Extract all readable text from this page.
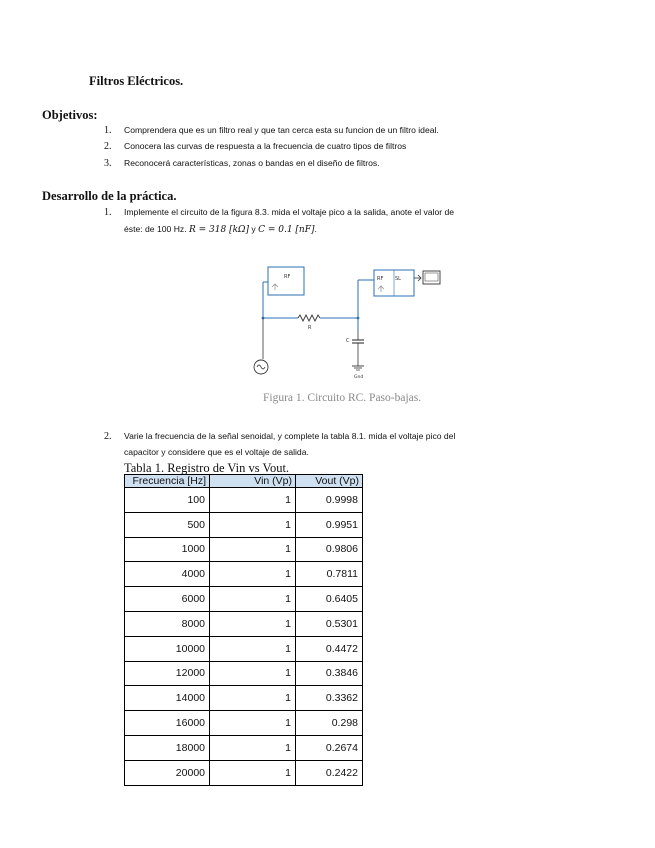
Filtros Eléctricos.
Objetivos:
1. Comprendera que es un filtro real y que tan cerca esta su funcion de un filtro ideal.
2. Conocera las curvas de respuesta a la frecuencia de cuatro tipos de filtros
3. Reconocerá características, zonas o bandas en el diseño de filtros.
Desarrollo de la práctica.
1. Implemente el circuito de la figura 8.3. mida el voltaje pico a la salida, anote el valor de
éste: de 100 Hz. R = 318 [kΩ] y C = 0.1 [nF].
RF
R
RF SL
C
Gnd
Figura 1. Circuito RC. Paso-bajas.
2. Varie la frecuencia de la señal senoidal, y complete la tabla 8.1. mida el voltaje pico del
capacitor y considere que es el voltaje de salida.
Tabla 1. Registro de Vin vs Vout.
Frecuencia [Hz]	Vin (Vp)	Vout (Vp)
100	1	0.9998
500	1	0.9951
1000	1	0.9806
4000	1	0.7811
6000	1	0.6405
8000	1	0.5301
10000	1	0.4472
12000	1	0.3846
14000	1	0.3362
16000	1	0.298
18000	1	0.2674
20000	1	0.2422
